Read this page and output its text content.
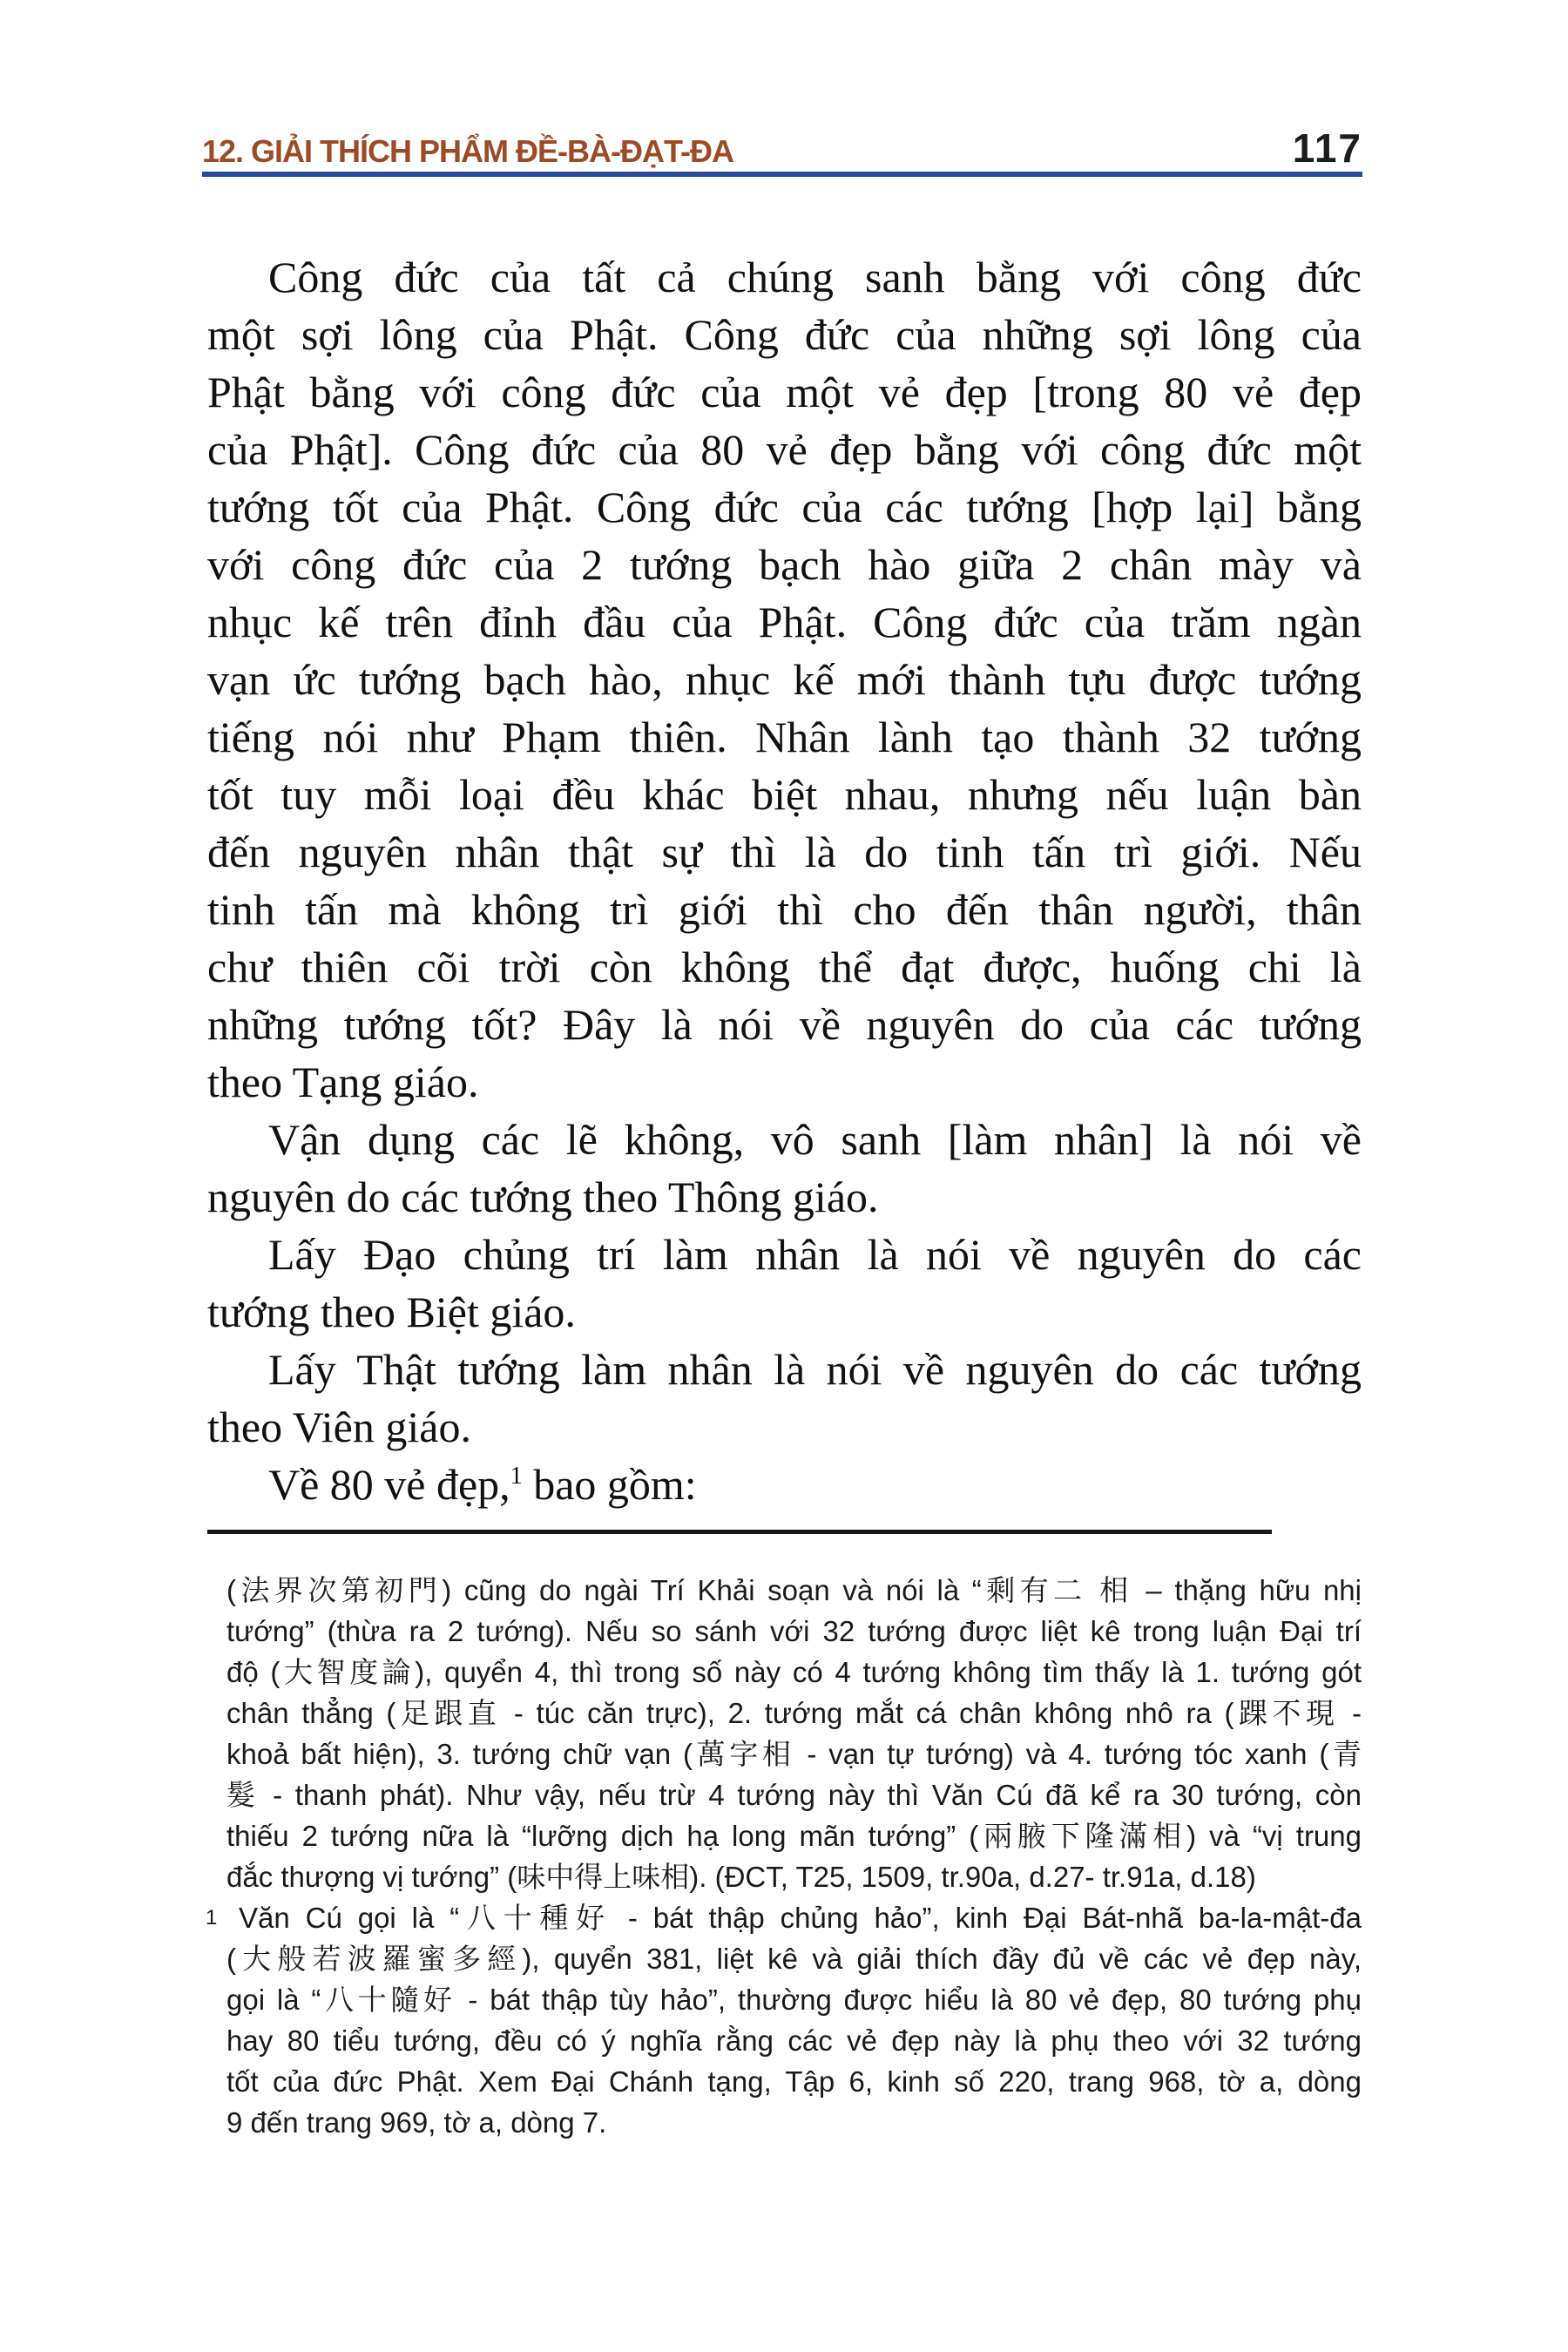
12. GIẢI THÍCH PHẨM ĐỀ-BÀ-ĐẠT-ĐA	117
Công đức của tất cả chúng sanh bằng với công đức
một sợi lông của Phật. Công đức của những sợi lông của
Phật bằng với công đức của một vẻ đẹp [trong 80 vẻ đẹp
của Phật]. Công đức của 80 vẻ đẹp bằng với công đức một
tướng tốt của Phật. Công đức của các tướng [hợp lại] bằng
với công đức của 2 tướng bạch hào giữa 2 chân mày và
nhục kế trên đỉnh đầu của Phật. Công đức của trăm ngàn
vạn ức tướng bạch hào, nhục kế mới thành tựu được tướng
tiếng nói như Phạm thiên. Nhân lành tạo thành 32 tướng
tốt tuy mỗi loại đều khác biệt nhau, nhưng nếu luận bàn
đến nguyên nhân thật sự thì là do tinh tấn trì giới. Nếu
tinh tấn mà không trì giới thì cho đến thân người, thân
chư thiên cõi trời còn không thể đạt được, huống chi là
những tướng tốt? Đây là nói về nguyên do của các tướng
theo Tạng giáo.
Vận dụng các lẽ không, vô sanh [làm nhân] là nói về
nguyên do các tướng theo Thông giáo.
Lấy Đạo chủng trí làm nhân là nói về nguyên do các
tướng theo Biệt giáo.
Lấy Thật tướng làm nhân là nói về nguyên do các tướng
theo Viên giáo.
Về 80 vẻ đẹp,$^1$ bao gồm:
(法界次第初門) cũng do ngài Trí Khải soạn và nói là “剩有二 相 – thặng hữu nhị
tướng” (thừa ra 2 tướng). Nếu so sánh với 32 tướng được liệt kê trong luận Đại trí
độ (大智度論), quyển 4, thì trong số này có 4 tướng không tìm thấy là 1. tướng gót
chân thẳng (足跟直 - túc căn trực), 2. tướng mắt cá chân không nhô ra (踝不現 -
khoả bất hiện), 3. tướng chữ vạn (萬字相 - vạn tự tướng) và 4. tướng tóc xanh (青
髮 - thanh phát). Như vậy, nếu trừ 4 tướng này thì Văn Cú đã kể ra 30 tướng, còn
thiếu 2 tướng nữa là “lưỡng dịch hạ long mãn tướng” (兩腋下隆滿相) và “vị trung
đắc thượng vị tướng” (味中得上味相). (ĐCT, T25, 1509, tr.90a, d.27- tr.91a, d.18)
1 Văn Cú gọi là “八十種好 - bát thập chủng hảo”, kinh Đại Bát-nhã ba-la-mật-đa
(大般若波羅蜜多經), quyển 381, liệt kê và giải thích đầy đủ về các vẻ đẹp này,
gọi là “八十隨好 - bát thập tùy hảo”, thường được hiểu là 80 vẻ đẹp, 80 tướng phụ
hay 80 tiểu tướng, đều có ý nghĩa rằng các vẻ đẹp này là phụ theo với 32 tướng
tốt của đức Phật. Xem Đại Chánh tạng, Tập 6, kinh số 220, trang 968, tờ a, dòng
9 đến trang 969, tờ a, dòng 7.
